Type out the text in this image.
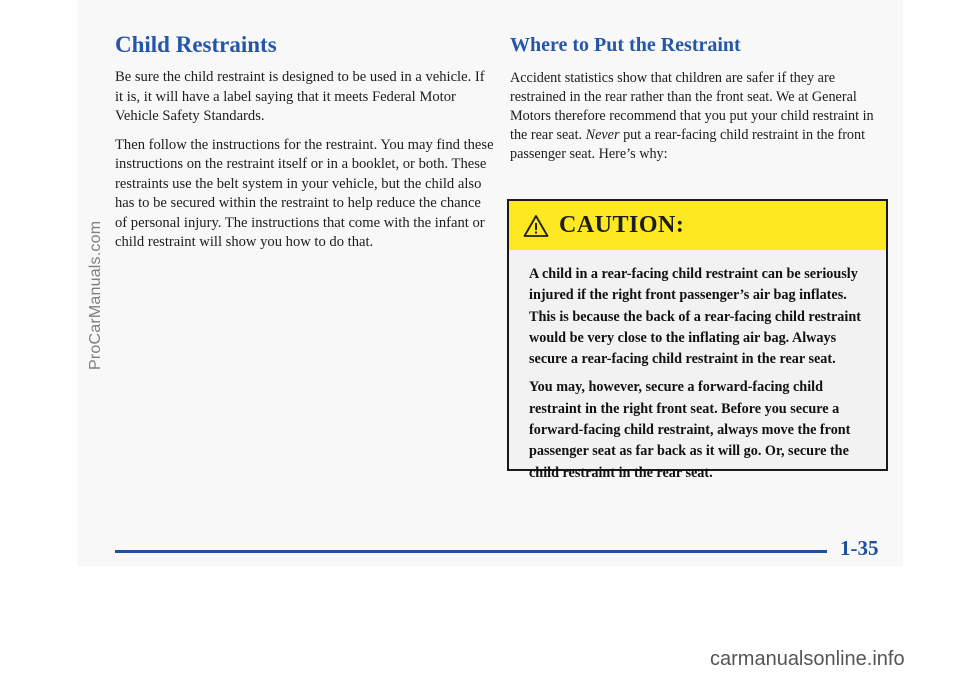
Child Restraints

Be sure the child restraint is designed to be used in a vehicle. If it is, it will have a label saying that it meets Federal Motor Vehicle Safety Standards.

Then follow the instructions for the restraint. You may find these instructions on the restraint itself or in a booklet, or both. These restraints use the belt system in your vehicle, but the child also has to be secured within the restraint to help reduce the chance of personal injury. The instructions that come with the infant or child restraint will show you how to do that.

Where to Put the Restraint

Accident statistics show that children are safer if they are restrained in the rear rather than the front seat. We at General Motors therefore recommend that you put your child restraint in the rear seat. Never put a rear-facing child restraint in the front passenger seat. Here’s why:

CAUTION:

A child in a rear-facing child restraint can be seriously injured if the right front passenger’s air bag inflates. This is because the back of a rear-facing child restraint would be very close to the inflating air bag. Always secure a rear-facing child restraint in the rear seat.

You may, however, secure a forward-facing child restraint in the right front seat. Before you secure a forward-facing child restraint, always move the front passenger seat as far back as it will go. Or, secure the child restraint in the rear seat.

1-35
ProCarManuals.com
carmanualsonline.info
